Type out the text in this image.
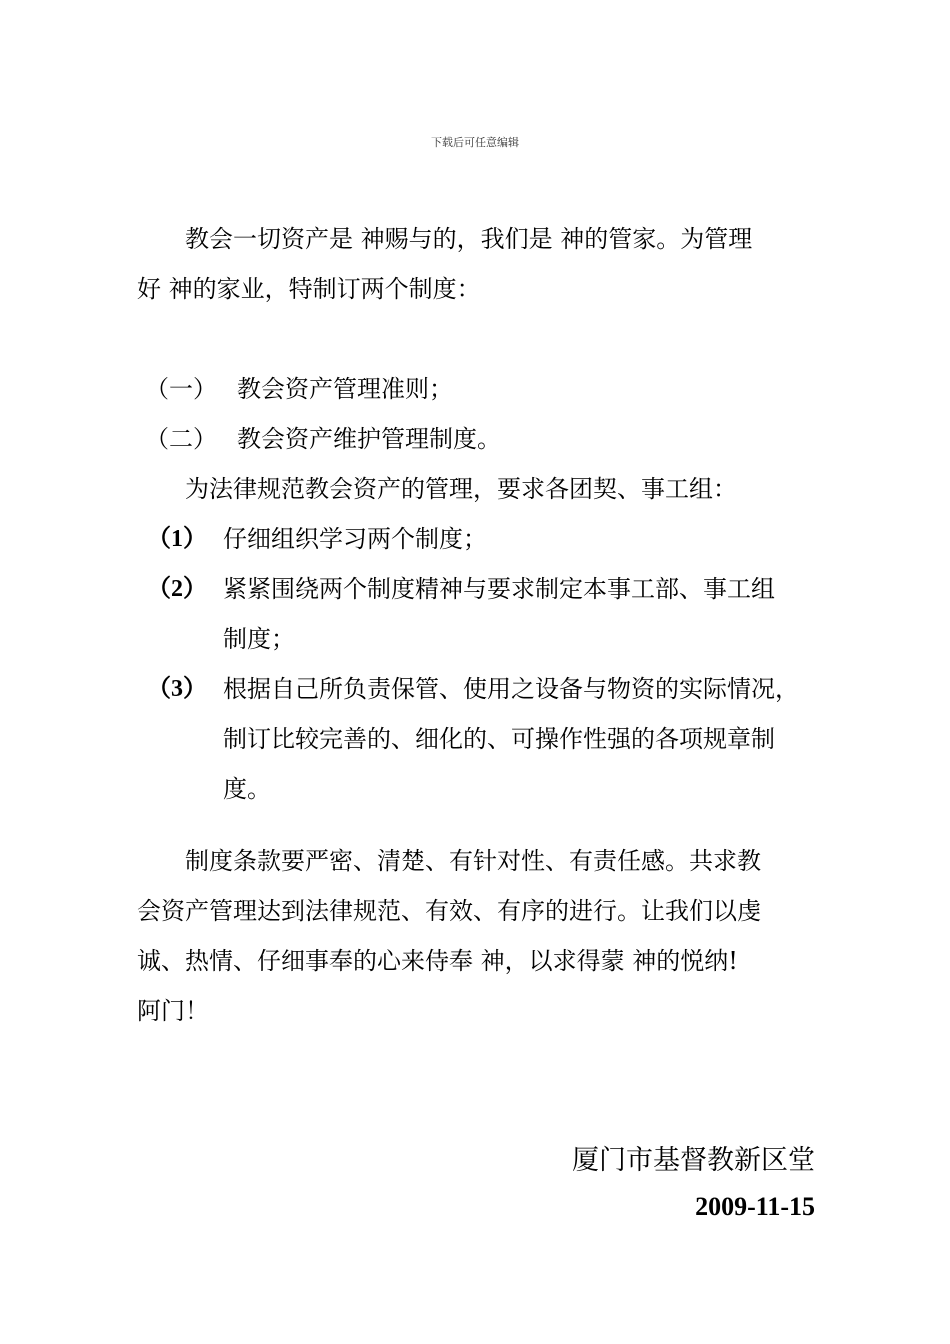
下载后可任意编辑
教会一切资产是 神赐与的，我们是 神的管家。为管理
好 神的家业，特制订两个制度：
（一） 教会资产管理准则；
（二） 教会资产维护管理制度。
为法律规范教会资产的管理，要求各团契、事工组：
（1） 仔细组织学习两个制度；
（2） 紧紧围绕两个制度精神与要求制定本事工部、事工组
制度；
（3） 根据自己所负责保管、使用之设备与物资的实际情况，
制订比较完善的、细化的、可操作性强的各项规章制
度。
制度条款要严密、清楚、有针对性、有责任感。共求教
会资产管理达到法律规范、有效、有序的进行。让我们以虔
诚、热情、仔细事奉的心来侍奉 神，以求得蒙 神的悦纳!
阿门！
厦门市基督教新区堂
2009-11-15
